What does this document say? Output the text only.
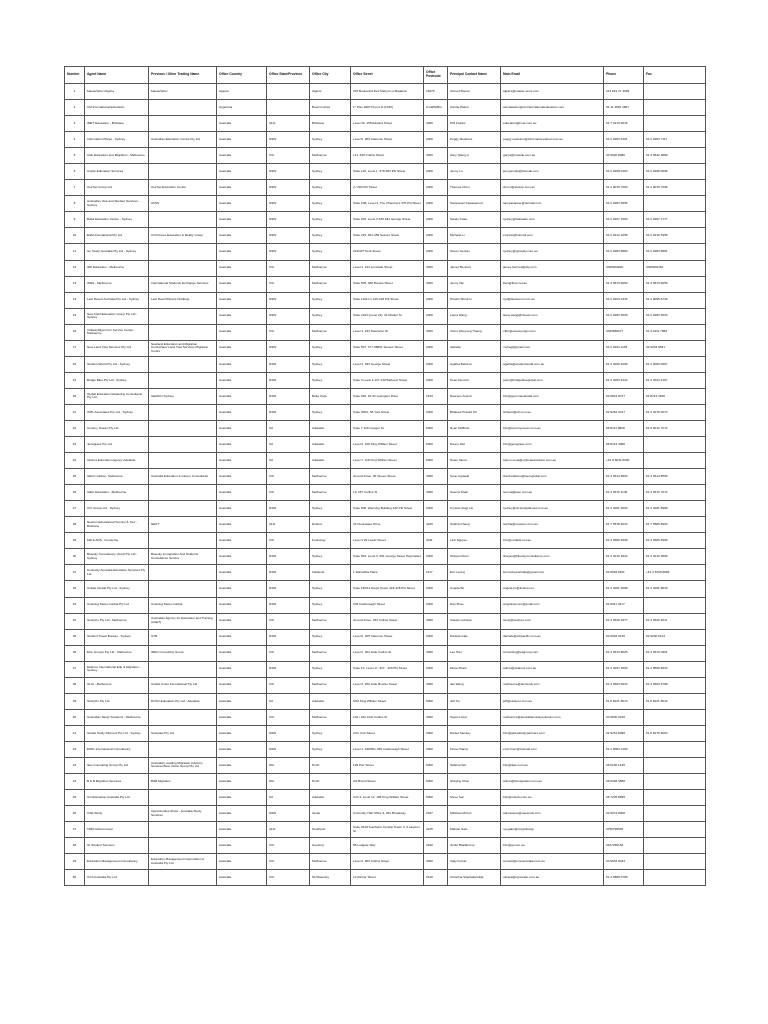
Number	Agent Name	Previous / Other Trading Name	Office Country	Office State/Province	Office City	Office Street	Office Postcode	Principal Contact Name	Main Email	Phone	Fax
1	MasterWorc Algeria	MasterWorc	Algeria		Algiers	216 Boulevard Des Martyrs el Madania	16075	Ahmed Bomar	algiers@master-worc.com	213 021 27 4999	
2	CM International Education		Argentina		Buenos Aires	1° Piso 4987 Piso 6 D (1425)	C1425ABG	Carola Weber	carolaweber@cminternationaleducation.com	54 11 3881 2807	
3	IMET Education - Brisbane		Australia	QLD	Brisbane	Level 16, 155 Edward Street	4000	Phil Franks	education@imet.com.au	61 7 3210 6015	
4	Information Planet - Sydney	Australian Education Centre Pty Ltd	Australia	NSW	Sydney	Level 5, 280 Clarence Street	2000	Peggy Medeiros	peggy.medeiros@informationplanet.com.au	61 2 9283 6161	61 2 9283 7117
5	Aide Education and Migration - Melbourne		Australia	VIC	Melbourne	L11, 530 Collins Street	3000	Gary Qiang Li	gary.li@myaide.com.au	03 9620 8986	61 3 9642 3889
6	Ample Education Services		Australia	NSW	Sydney	Suite 120, Level 1, 379-383 Pitt Street	2000	Jenny Lu	jennyample@hotmail.com	61 2 9268 0163	61 2 9268 0099
7	AusTop Group Ltd	AusTop Education Centre	Australia	NSW	Sydney	2 / 280 Pitt Street	2000	Theresa Chen	chen.t@austop.com.au	61 2 8079 7000	61 2 8079 7099
8	Australian Visa and Student Services - Sydney	AVSS	Australia	NSW	Sydney	Suite 10B, Level 3, The Chambers 370 Pitt Street	2000	Sampavan Kawasamutt	sampavanker@hotmail.com	61 2 9283 2855	
9	Baba Education Centre - Sydney		Australia	NSW	Sydney	Suite 202, Level 2 630-634 George Street	2000	Sandy Kwan	sydney@babaedu.com	61 2 9267 1500	61 2 9267 1777
10	E&M International Pty Ltd	OzChinese Education & Realty Group	Australia	NSW	Sydney	Suite 215, 451-459 Sussex Street	2000	Michelle Li	emplus@hotmail.com	61 2 9212 1658	61 2 9212 5458
11	Go Study Australia Pty Ltd - Sydney		Australia	NSW	Sydney	321/307 Kent Street	2000	Simon Geotan	sydney@gostudy.com.au	61 2 9283 8880	61 2 9283 8881
12	IDP Education - Melbourne		Australia	VIC	Melbourne	Level 4, 123 Lonsdale Street	3000	James Bennett	james.bennett@idp.com	0399002820	0399002452
13	IHES - Melbourne	International Students Exchange Services	Australia	VIC	Melbourne	Suite 505, 488 Bourke Street	3000	Jenny Tan	ihes@ihes.net.au	61 3 9670 6050	61 3 9670 6056
14	Last Resort Australia Pty Ltd - Sydney	Last Resort/Nexus Holdings	Australia	NSW	Sydney	Suite 1102 L1 416-418 Pitt Street	2000	Hiroshi Shimizu	syd@lastresort.com.au	61 2 9264 1333	61 2 8095 6730
15	New Field Education Group Pty Ltd - Sydney		Australia	NSW	Sydney	Suite 2103 (Level 21), 31 Market St	2000	Laura Wang	laura.wang@nfeedu.com	61 2 9283 3028	61 2 9283 3023
16	OzEasyMigo.Com Service Center - Melbourne		Australia	VIC	Melbourne	Level 3, 234 Swanston St	3000	Victor Wenyong Huang	offer@ozeasymigo.com	0393686077	61 3 9111 7883
17	New Land Visa Services Pty Ltd	Newland Education and Migration Centre/New Land Visa Services Migration Centre	Australia	NSW	Sydney	Suite 507, 377-38801 Sussex Street	2000	Isabella	myhagi@gmail.com	61 2 9264 1153	02 9033 8831
18	Student World Pty Ltd - Sydney		Australia	NSW	Sydney	Level 3, 393 George Street	2000	Agatha Bellorus	agatha@studentworld.com.au	61 2 9290 2266	61 2 9090 0997
19	Bridge Blue Pty Ltd - Sydney		Australia	NSW	Sydney	Suite 3 Level 4 137-139 Bathurst Street	2000	Peter Duvoch	peter@bridgeblueglobal.com	61 2 9283 6122	61 2 9334 4197
20	Global Education Marketing Consultants Pty Ltd	GEMCO Sydney	Australia	NSW	Bella Vista	Suite 620, 16-32 Lexington Drive	2153	Naureen Anand	info@gemcoaustralia.com	02 8824 8377	02 8212 3838
21	ISHL Associates Pty Ltd - Sydney		Australia	NSW	Sydney	Suite 305A, 56 York Street	2000	Bhabani Prasad Oli	ishlaust@oll.com.au	02 9262 2017	61 2 9279 0073
22	Century Ocean Pty Ltd		Australia	SA	Adelaide	Suite 7 120 Gouger St	5000	Ryan McBride	info@centuryocean.com.au	08 8211 8808	61 8 8212 7274
23	Jenagrace Pty Ltd		Australia	SA	Adelaide	Level 6, 108 King William Street	5000	Danny Wei	info@jenagrace.com	08 8212 4088	
24	Optima Education Agency Adelaide		Australia	SA	Adelaide	Level 7, 118 King William Street	5000	Helen Mena	helen.mena@optimaeducation.com.au	+61 8 8231 8000	
25	AECC Global - Melbourne	Australia Education & Career Consultants	Australia	VIC	Melbourne	Ground Floor, 30 Queen Street	3000	Sonu Agrawal	clientrelations@aeccglobal.com	61 3 9614 8900	61 3 9614 8565
26	IAEC Education - Melbourne		Australia	VIC	Melbourne	L9, 267 Collins St	3000	Seema Shah	seema@iaec.com.au	61 3 9670 1140	61 3 9670 7674
27	CIC Group Ltd - Sydney		Australia	NSW	Sydney	Suite 508, Wanning Building 432 Pitt Street	2000	Crystal (Jing) Liu	sydney@cicstudyabroad.com.au	61 2 9281 5000	61 2 9281 8989
28	Newton Educational Service & Tour - Brisbane	NEST	Australia	QLD	Robina	32 Clearwater Drive	4226	Sophia Chang	sophia@newtons.com.au	61 7 5578 8223	61 7 5580 8900
29	MR & ADS - Footscray		Australia	VIC	Footscray	Level 1 29 Leeds Street	3011	Linh Nguyen	info@mrdads.net.au	61 3 9689 3606	61 3 9689 3966
30	Bluesky Consultancy (Aust) Pty Ltd - Sydney	Bluesky Immigration And Students Consultance Service	Australia	NSW	Sydney	Suite 502, Level 3, 661 George Street Haymarket	2000	Shayan Khan	shayan@blueskyconsultancy.com	61 2 9212 2922	61 2 9212 3866
31	Kentucky Australia Education Services Pty Ltd		Australia	NSW	Oatlands	1 Warrabba Place	2117	Eric Leung	kentuckyaustralia@gmail.com	02 8084 6811	+61 2 8765 8889
32	Unilaw Global Pty Ltd - Sydney		Australia	NSW	Sydney	Suite 150/14 Regis Tower 418-428 Pitt Street	2000	Angela Bo	angela.bo@limitop.net	61 2 9281 6088	61 2 9281 8818
33	Amazing Meteo Global Pty Ltd	Amazing Meteo Global	Australia	NSW	Sydney	203 Castlereagh Street	2000	Dan Zhao	amglobal.com@gmail.com	02 8011 3417	
34	StudyCo Pty Ltd - Melbourne	Australian Agency for Education and Training (AAET)	Australia	VIC	Melbourne	Ground Floor, 333 Collins Street	3000	Claude Lebrave	study@studyco.com	61 3 9629 2977	61 3 9629 2611
35	Student Travel Bureau - Sydney	STB	Australia	NSW	Sydney	Level 6, 225 Clarence Street	2000	Daniela Gale	danielle@stbpacific.com.au	02 9994 6136	02 9290 6123
36	ECL Groups Pty Ltd - Melbourne	IDEO Consulting Group	Australia	VIC	Melbourne	Level 2, 303 Little Collins St	3000	Lee Han	consulting@eagroup.com	61 3 9670 8025	61 3 9670 0961
37	Ekainos International Edu & Migration - Sydney		Australia	NSW	Sydney	Suite 19, Level 17, 327 - 329 Pitt Street	2000	Mona Khare	admin@ekainos.com.au	61 2 9267 3660	61 2 8569 8923
38	ALGI - Melbourne	AuzEd Unitol International Pty Ltd	Australia	VIC	Melbourne	Level 3, 250 Little Bourke Street	3000	Jas Wang	melbourne@auzstudy.com	61 3 9663 5923	61 3 9663 5788
39	StudyOz Pty Ltd	DOSV Education Pty Ltd - Adelaide	Australia	SA	Adelaide	6/33 King William Street	5000	Jeff Xu	jeff@studyoz.com.au	61 8 8221 5013	61 8 8221 5014
40	Australian Study Solutions - Melbourne		Australia	VIC	Melbourne	104 / 343 Little Collins St	3000	Tegan Lloyd	melbourne@australianstudysolutions.com	03 9600 0246	
41	Global Study Partners Pty Ltd - Sydney	Studylaw Pty Ltd	Australia	NSW	Sydney	2/11 York Street	2000	Daniel Stuckey	info@globalstudypartners.com	02 9251 8999	61 8 8276 6000
42	EMIC International Consultancy		Australia	NSW	Sydney	Level 1, 448/351-355 Castlereagh Street	2000	Fiona Huang	emic.hsec@hotmail.com	61 2 8084 3150	
43	Ikes Consulting Group Pty Ltd	Australian Leading Migration Advisory Services/New Vision Group Pty Ltd	Australia	WA	Perth	129 Pier Street	6000	Sabrina Wu	info@ikae.com.au	08 6180 1445	
44	B & B Migration Services	B&B Migration	Australia	WA	Perth	2/2 Brand Street	6000	Shinjing Chen	admin@bbmigration.com.au	08 9328 3888	
45	Uni Education Australia Pty Ltd		Australia	SA	Adelaide	Unit 4, Level 12, 108 King William Street	5000	Steve Sun	info@uniedu.com.au	08 7225 8899	
46	OAE Study	Opportunities Africa - Australia Study Services	Australia	NSW	Glebe	University Hall Office 9, 281 Broadway	2037	Matthew Mcivor	admissions@oaestudy.com	02 8073 8008	
47	TMR Global Group		Australia	QLD	Southport	Suite 2618 Southport Central Tower 3, 9 Lawson St	4215	Makoto Sato	nyugaku@tmrglobal.jp	0756795945	
48	GI Student Services		Australia	VIC	Geelong	85 Ludgate Way	3216	Justin Blackburne	info@gi.com.au	0427259156	
49	Education Management Consultancy	Education Management Corporation of Australia Pty Ltd	Australia	VIC	Melbourne	Level 3, 480 Collins Street	3000	Vijay Kumar	contact@emcaustralia.com.au	03 9653 8324	
50	CCA Australia Pty Ltd		Australia	VIC	Mt Waverley	12 Alinzer Street	3149	Christina Srijettakarnkija	okrapa@cgnuvate.com.au	61 3 9888 0785	
